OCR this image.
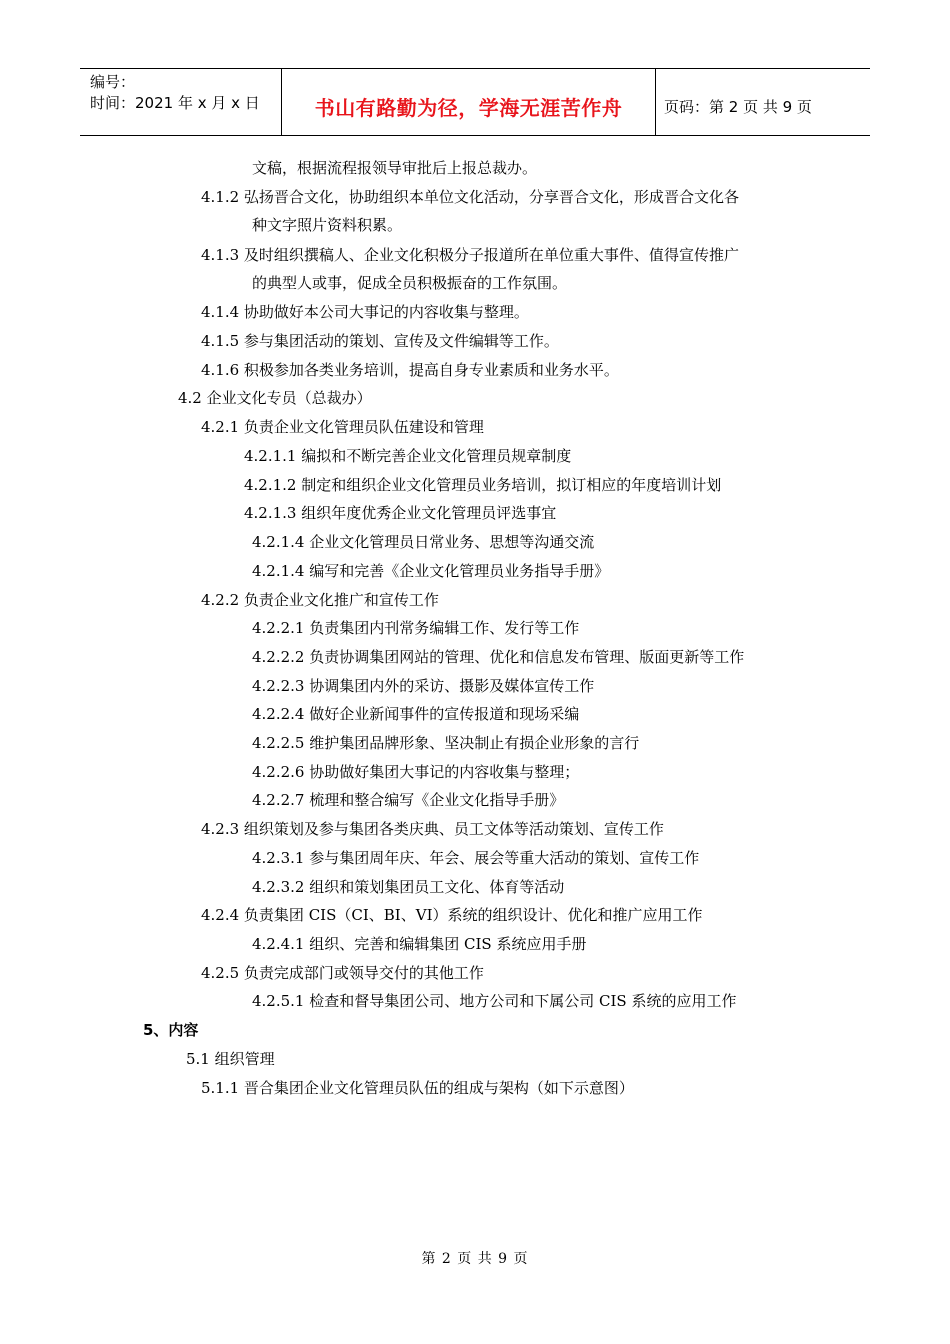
编号：
时间：2021 年 x 月 x 日	书山有路勤为径，学海无涯苦作舟	页码：第 2 页 共 9 页
文稿，根据流程报领导审批后上报总裁办。
4.1.2 弘扬晋合文化，协助组织本单位文化活动，分享晋合文化，形成晋合文化各
种文字照片资料积累。
4.1.3 及时组织撰稿人、企业文化积极分子报道所在单位重大事件、值得宣传推广
的典型人或事，促成全员积极振奋的工作氛围。
4.1.4 协助做好本公司大事记的内容收集与整理。
4.1.5 参与集团活动的策划、宣传及文件编辑等工作。
4.1.6 积极参加各类业务培训，提高自身专业素质和业务水平。
4.2 企业文化专员（总裁办）
4.2.1 负责企业文化管理员队伍建设和管理
4.2.1.1 编拟和不断完善企业文化管理员规章制度
4.2.1.2 制定和组织企业文化管理员业务培训，拟订相应的年度培训计划
4.2.1.3 组织年度优秀企业文化管理员评选事宜
4.2.1.4 企业文化管理员日常业务、思想等沟通交流
4.2.1.4 编写和完善《企业文化管理员业务指导手册》
4.2.2 负责企业文化推广和宣传工作
4.2.2.1 负责集团内刊常务编辑工作、发行等工作
4.2.2.2 负责协调集团网站的管理、优化和信息发布管理、版面更新等工作
4.2.2.3 协调集团内外的采访、摄影及媒体宣传工作
4.2.2.4 做好企业新闻事件的宣传报道和现场采编
4.2.2.5 维护集团品牌形象、坚决制止有损企业形象的言行
4.2.2.6 协助做好集团大事记的内容收集与整理；
4.2.2.7 梳理和整合编写《企业文化指导手册》
4.2.3 组织策划及参与集团各类庆典、员工文体等活动策划、宣传工作
4.2.3.1 参与集团周年庆、年会、展会等重大活动的策划、宣传工作
4.2.3.2 组织和策划集团员工文化、体育等活动
4.2.4 负责集团 CIS（CI、BI、VI）系统的组织设计、优化和推广应用工作
4.2.4.1 组织、完善和编辑集团 CIS 系统应用手册
4.2.5 负责完成部门或领导交付的其他工作
4.2.5.1 检查和督导集团公司、地方公司和下属公司 CIS 系统的应用工作
5、内容
5.1 组织管理
5.1.1 晋合集团企业文化管理员队伍的组成与架构（如下示意图）
第 2 页 共 9 页
